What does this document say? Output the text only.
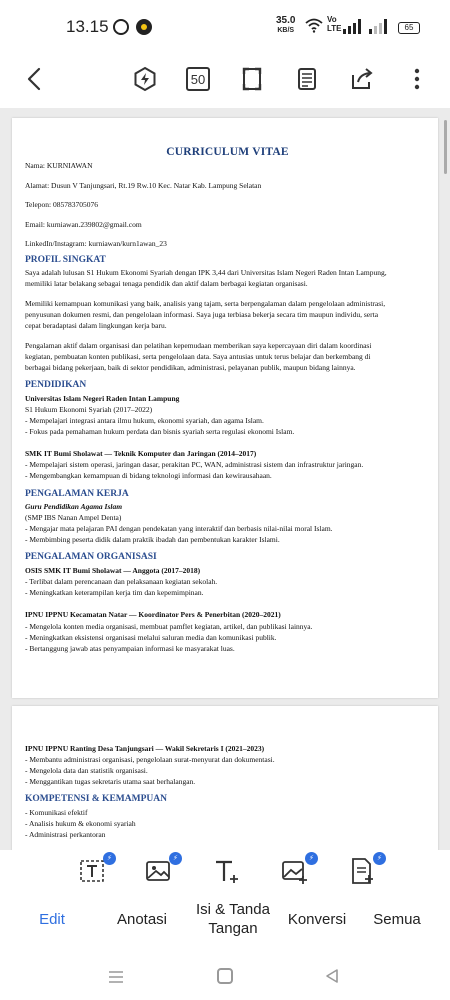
13.15	35.0
KB/S
Vo
LTE	65
50
CURRICULUM VITAE
Nama: KURNIAWAN
Alamat: Dusun V Tanjungsari, Rt.19 Rw.10 Kec. Natar Kab. Lampung Selatan
Telepon: 085783705076
Email: kurniawan.239802@gmail.com
LinkedIn/Instagram: kurniawan/kurn1awan_23
PROFIL SINGKAT
Saya adalah lulusan S1 Hukum Ekonomi Syariah dengan IPK 3,44 dari Universitas Islam Negeri Raden Intan Lampung,
memiliki latar belakang sebagai tenaga pendidik dan aktif dalam berbagai kegiatan organisasi.
Memiliki kemampuan komunikasi yang baik, analisis yang tajam, serta berpengalaman dalam pengelolaan administrasi,
penyusunan dokumen resmi, dan pengelolaan informasi. Saya juga terbiasa bekerja secara tim maupun individu, serta
cepat beradaptasi dalam lingkungan kerja baru.
Pengalaman aktif dalam organisasi dan pelatihan kepemudaan memberikan saya kepercayaan diri dalam koordinasi
kegiatan, pembuatan konten publikasi, serta pengelolaan data. Saya antusias untuk terus belajar dan berkembang di
berbagai bidang pekerjaan, baik di sektor pendidikan, administrasi, pelayanan publik, maupun bidang lainnya.
PENDIDIKAN
Universitas Islam Negeri Raden Intan Lampung
S1 Hukum Ekonomi Syariah (2017–2022)
- Mempelajari integrasi antara ilmu hukum, ekonomi syariah, dan agama Islam.
- Fokus pada pemahaman hukum perdata dan bisnis syariah serta regulasi ekonomi Islam.
SMK IT Bumi Sholawat — Teknik Komputer dan Jaringan (2014–2017)
- Mempelajari sistem operasi, jaringan dasar, perakitan PC, WAN, administrasi sistem dan infrastruktur jaringan.
- Mengembangkan kemampuan di bidang teknologi informasi dan kewirausahaan.
PENGALAMAN KERJA
Guru Pendidikan Agama Islam
(SMP IBS Nanan Ampel Denta)
- Mengajar mata pelajaran PAI dengan pendekatan yang interaktif dan berbasis nilai-nilai moral Islam.
- Membimbing peserta didik dalam praktik ibadah dan pembentukan karakter Islami.
PENGALAMAN ORGANISASI
OSIS SMK IT Bumi Sholawat — Anggota (2017–2018)
- Terlibat dalam perencanaan dan pelaksanaan kegiatan sekolah.
- Meningkatkan keterampilan kerja tim dan kepemimpinan.
IPNU IPPNU Kecamatan Natar — Koordinator Pers & Penerbitan (2020–2021)
- Mengelola konten media organisasi, membuat pamflet kegiatan, artikel, dan publikasi lainnya.
- Meningkatkan eksistensi organisasi melalui saluran media dan komunikasi publik.
- Bertanggung jawab atas penyampaian informasi ke masyarakat luas.
IPNU IPPNU Ranting Desa Tanjungsari — Wakil Sekretaris I (2021–2023)
- Membantu administrasi organisasi, pengelolaan surat-menyurat dan dokumentasi.
- Mengelola data dan statistik organisasi.
- Menggantikan tugas sekretaris utama saat berhalangan.
KOMPETENSI & KEMAMPUAN
- Komunikasi efektif
- Analisis hukum & ekonomi syariah
- Administrasi perkantoran
⚡	⚡	⚡	⚡
Edit	Anotasi
Isi & Tanda Tangan
Konversi	Semua
